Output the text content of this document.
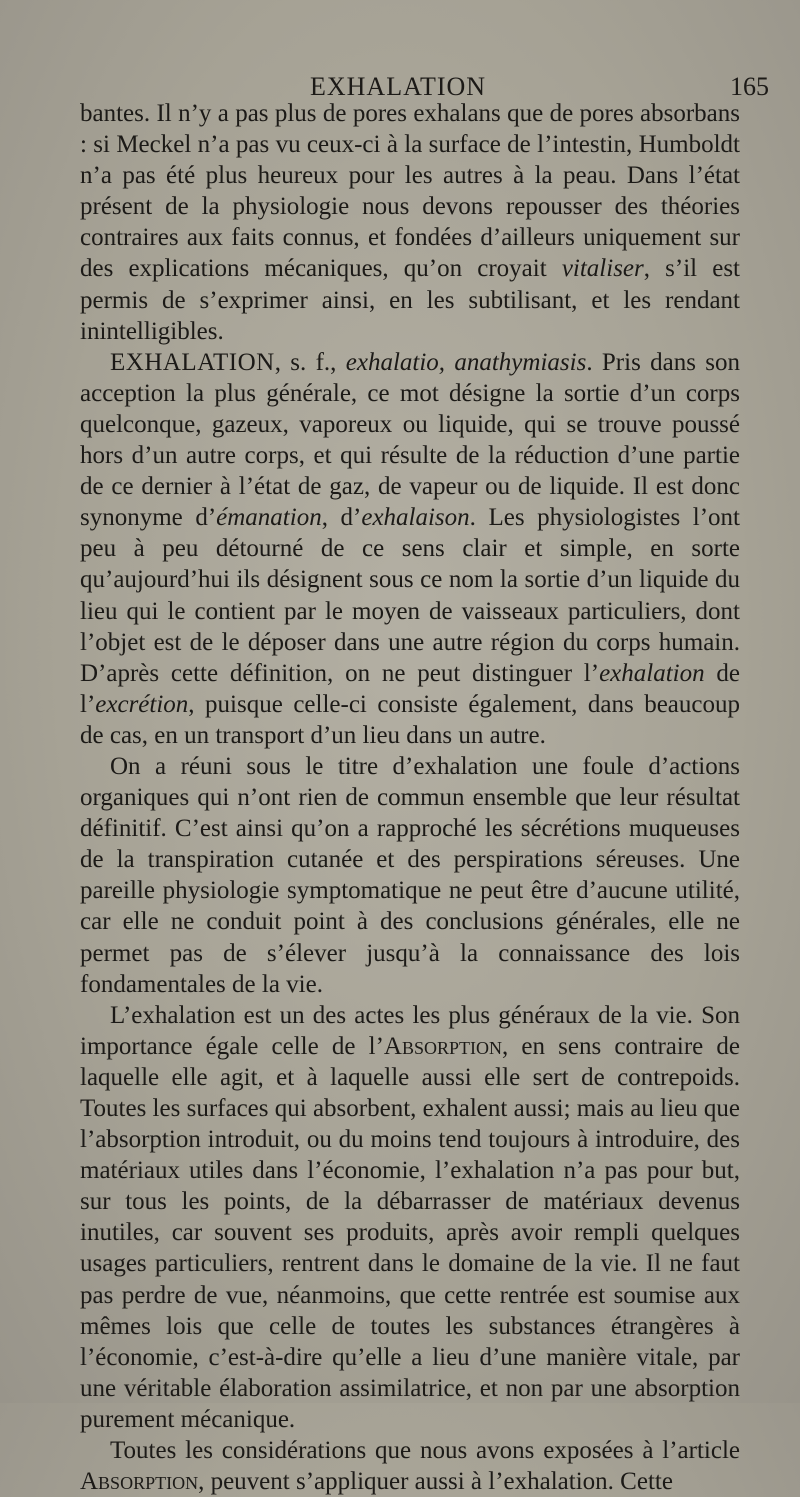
EXHALATION	165

bantes. Il n’y a pas plus de pores exhalans que de pores absorbans : si Meckel n’a pas vu ceux-ci à la surface de l’intestin, Humboldt n’a pas été plus heureux pour les autres à la peau. Dans l’état présent de la physiologie nous devons repousser des théories contraires aux faits connus, et fondées d’ailleurs uniquement sur des explications mécaniques, qu’on croyait vitaliser, s’il est permis de s’exprimer ainsi, en les subtilisant, et les rendant inintelligibles.

EXHALATION, s. f., exhalatio, anathymiasis. Pris dans son acception la plus générale, ce mot désigne la sortie d’un corps quelconque, gazeux, vaporeux ou liquide, qui se trouve poussé hors d’un autre corps, et qui résulte de la réduction d’une partie de ce dernier à l’état de gaz, de vapeur ou de liquide. Il est donc synonyme d’émanation, d’exhalaison. Les physiologistes l’ont peu à peu détourné de ce sens clair et simple, en sorte qu’aujourd’hui ils désignent sous ce nom la sortie d’un liquide du lieu qui le contient par le moyen de vaisseaux particuliers, dont l’objet est de le déposer dans une autre région du corps humain. D’après cette définition, on ne peut distinguer l’exhalation de l’excrétion, puisque celle-ci consiste également, dans beaucoup de cas, en un transport d’un lieu dans un autre.

On a réuni sous le titre d’exhalation une foule d’actions organiques qui n’ont rien de commun ensemble que leur résultat définitif. C’est ainsi qu’on a rapproché les sécrétions muqueuses de la transpiration cutanée et des perspirations séreuses. Une pareille physiologie symptomatique ne peut être d’aucune utilité, car elle ne conduit point à des conclusions générales, elle ne permet pas de s’élever jusqu’à la connaissance des lois fondamentales de la vie.

L’exhalation est un des actes les plus généraux de la vie. Son importance égale celle de l’Absorption, en sens contraire de laquelle elle agit, et à laquelle aussi elle sert de contrepoids. Toutes les surfaces qui absorbent, exhalent aussi; mais au lieu que l’absorption introduit, ou du moins tend toujours à introduire, des matériaux utiles dans l’économie, l’exhalation n’a pas pour but, sur tous les points, de la débarrasser de matériaux devenus inutiles, car souvent ses produits, après avoir rempli quelques usages particuliers, rentrent dans le domaine de la vie. Il ne faut pas perdre de vue, néanmoins, que cette rentrée est soumise aux mêmes lois que celle de toutes les substances étrangères à l’économie, c’est-à-dire qu’elle a lieu d’une manière vitale, par une véritable élaboration assimilatrice, et non par une absorption purement mécanique.

Toutes les considérations que nous avons exposées à l’article Absorption, peuvent s’appliquer aussi à l’exhalation. Cette
